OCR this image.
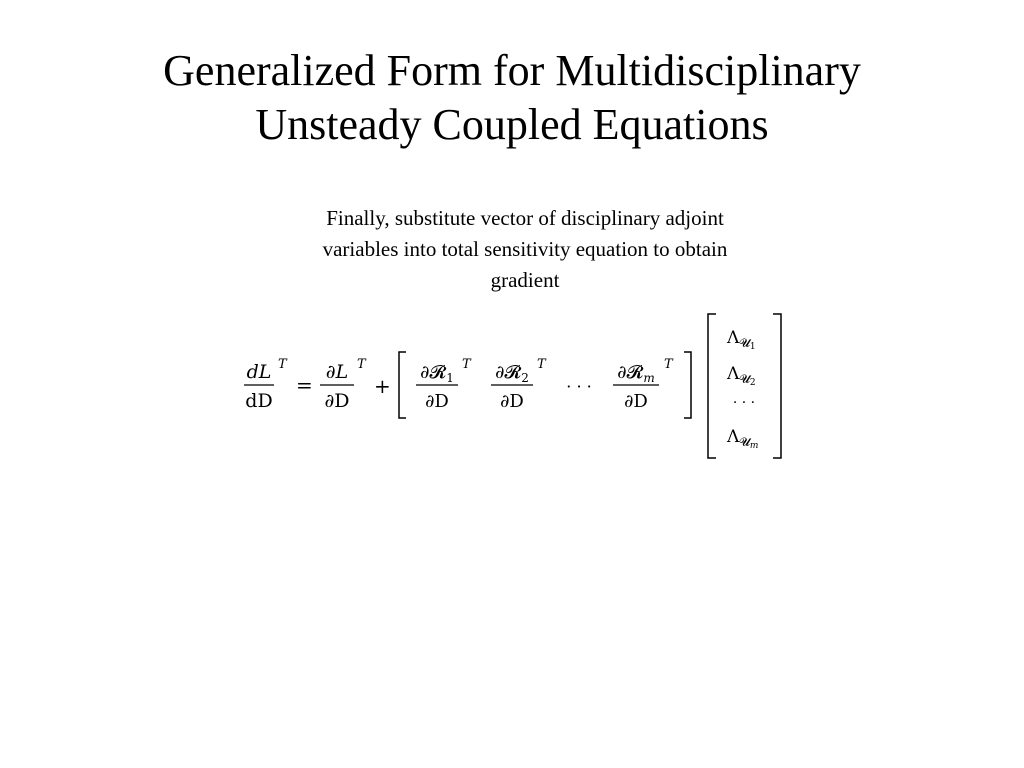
Generalized Form for Multidisciplinary
Unsteady Coupled Equations
Finally, substitute vector of disciplinary adjoint
variables into total sensitivity equation to obtain
gradient
dL
dD
T
=
∂L
∂D
T
+
∂𝓡$_1$
∂D
T ∂𝓡$_2$
∂D
T
· · ·
∂𝓡$_m$
∂D
T
$\Lambda_𝓤1$
$\Lambda_𝓤2$
· · ·
$\Lambda_𝓤m$
